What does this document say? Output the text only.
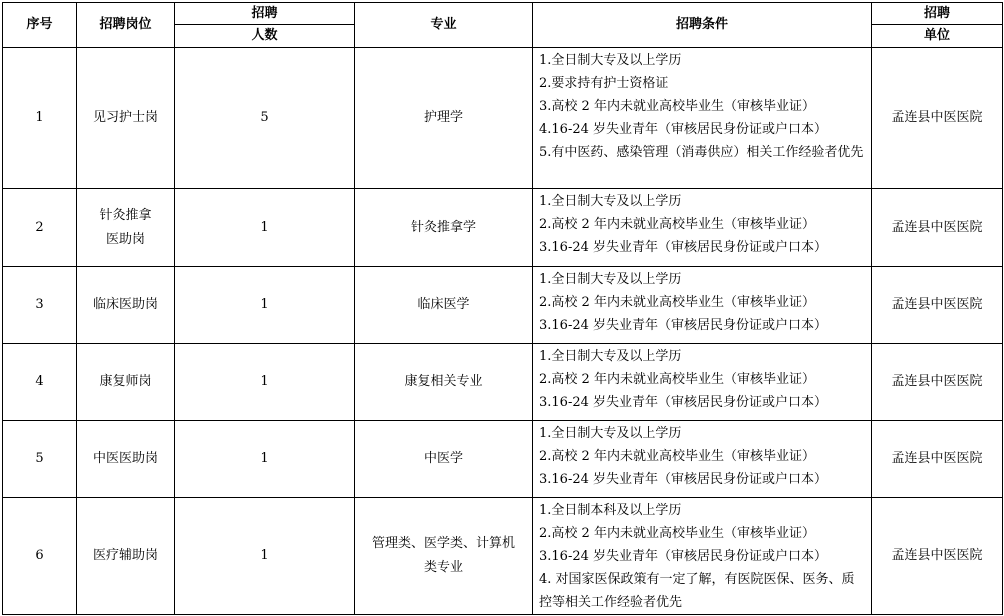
序号	招聘岗位	招聘	专业	招聘条件	招聘
		人数			单位
1	见习护士岗	5	护理学	1.全日制大专及以上学历
2.要求持有护士资格证
3.高校 2 年内未就业高校毕业生（审核毕业证）
4.16-24 岁失业青年（审核居民身份证或户口本）
5.有中医药、感染管理（消毒供应）相关工作经验者优先	孟连县中医医院
2	针灸推拿医助岗	1	针灸推拿学	1.全日制大专及以上学历
2.高校 2 年内未就业高校毕业生（审核毕业证）
3.16-24 岁失业青年（审核居民身份证或户口本）	孟连县中医医院
3	临床医助岗	1	临床医学	1.全日制大专及以上学历
2.高校 2 年内未就业高校毕业生（审核毕业证）
3.16-24 岁失业青年（审核居民身份证或户口本）	孟连县中医医院
4	康复师岗	1	康复相关专业	1.全日制大专及以上学历
2.高校 2 年内未就业高校毕业生（审核毕业证）
3.16-24 岁失业青年（审核居民身份证或户口本）	孟连县中医医院
5	中医医助岗	1	中医学	1.全日制大专及以上学历
2.高校 2 年内未就业高校毕业生（审核毕业证）
3.16-24 岁失业青年（审核居民身份证或户口本）	孟连县中医医院
6	医疗辅助岗	1	管理类、医学类、计算机类专业	1.全日制本科及以上学历
2.高校 2 年内未就业高校毕业生（审核毕业证）
3.16-24 岁失业青年（审核居民身份证或户口本）
4. 对国家医保政策有一定了解，有医院医保、医务、质控等相关工作经验者优先	孟连县中医医院
